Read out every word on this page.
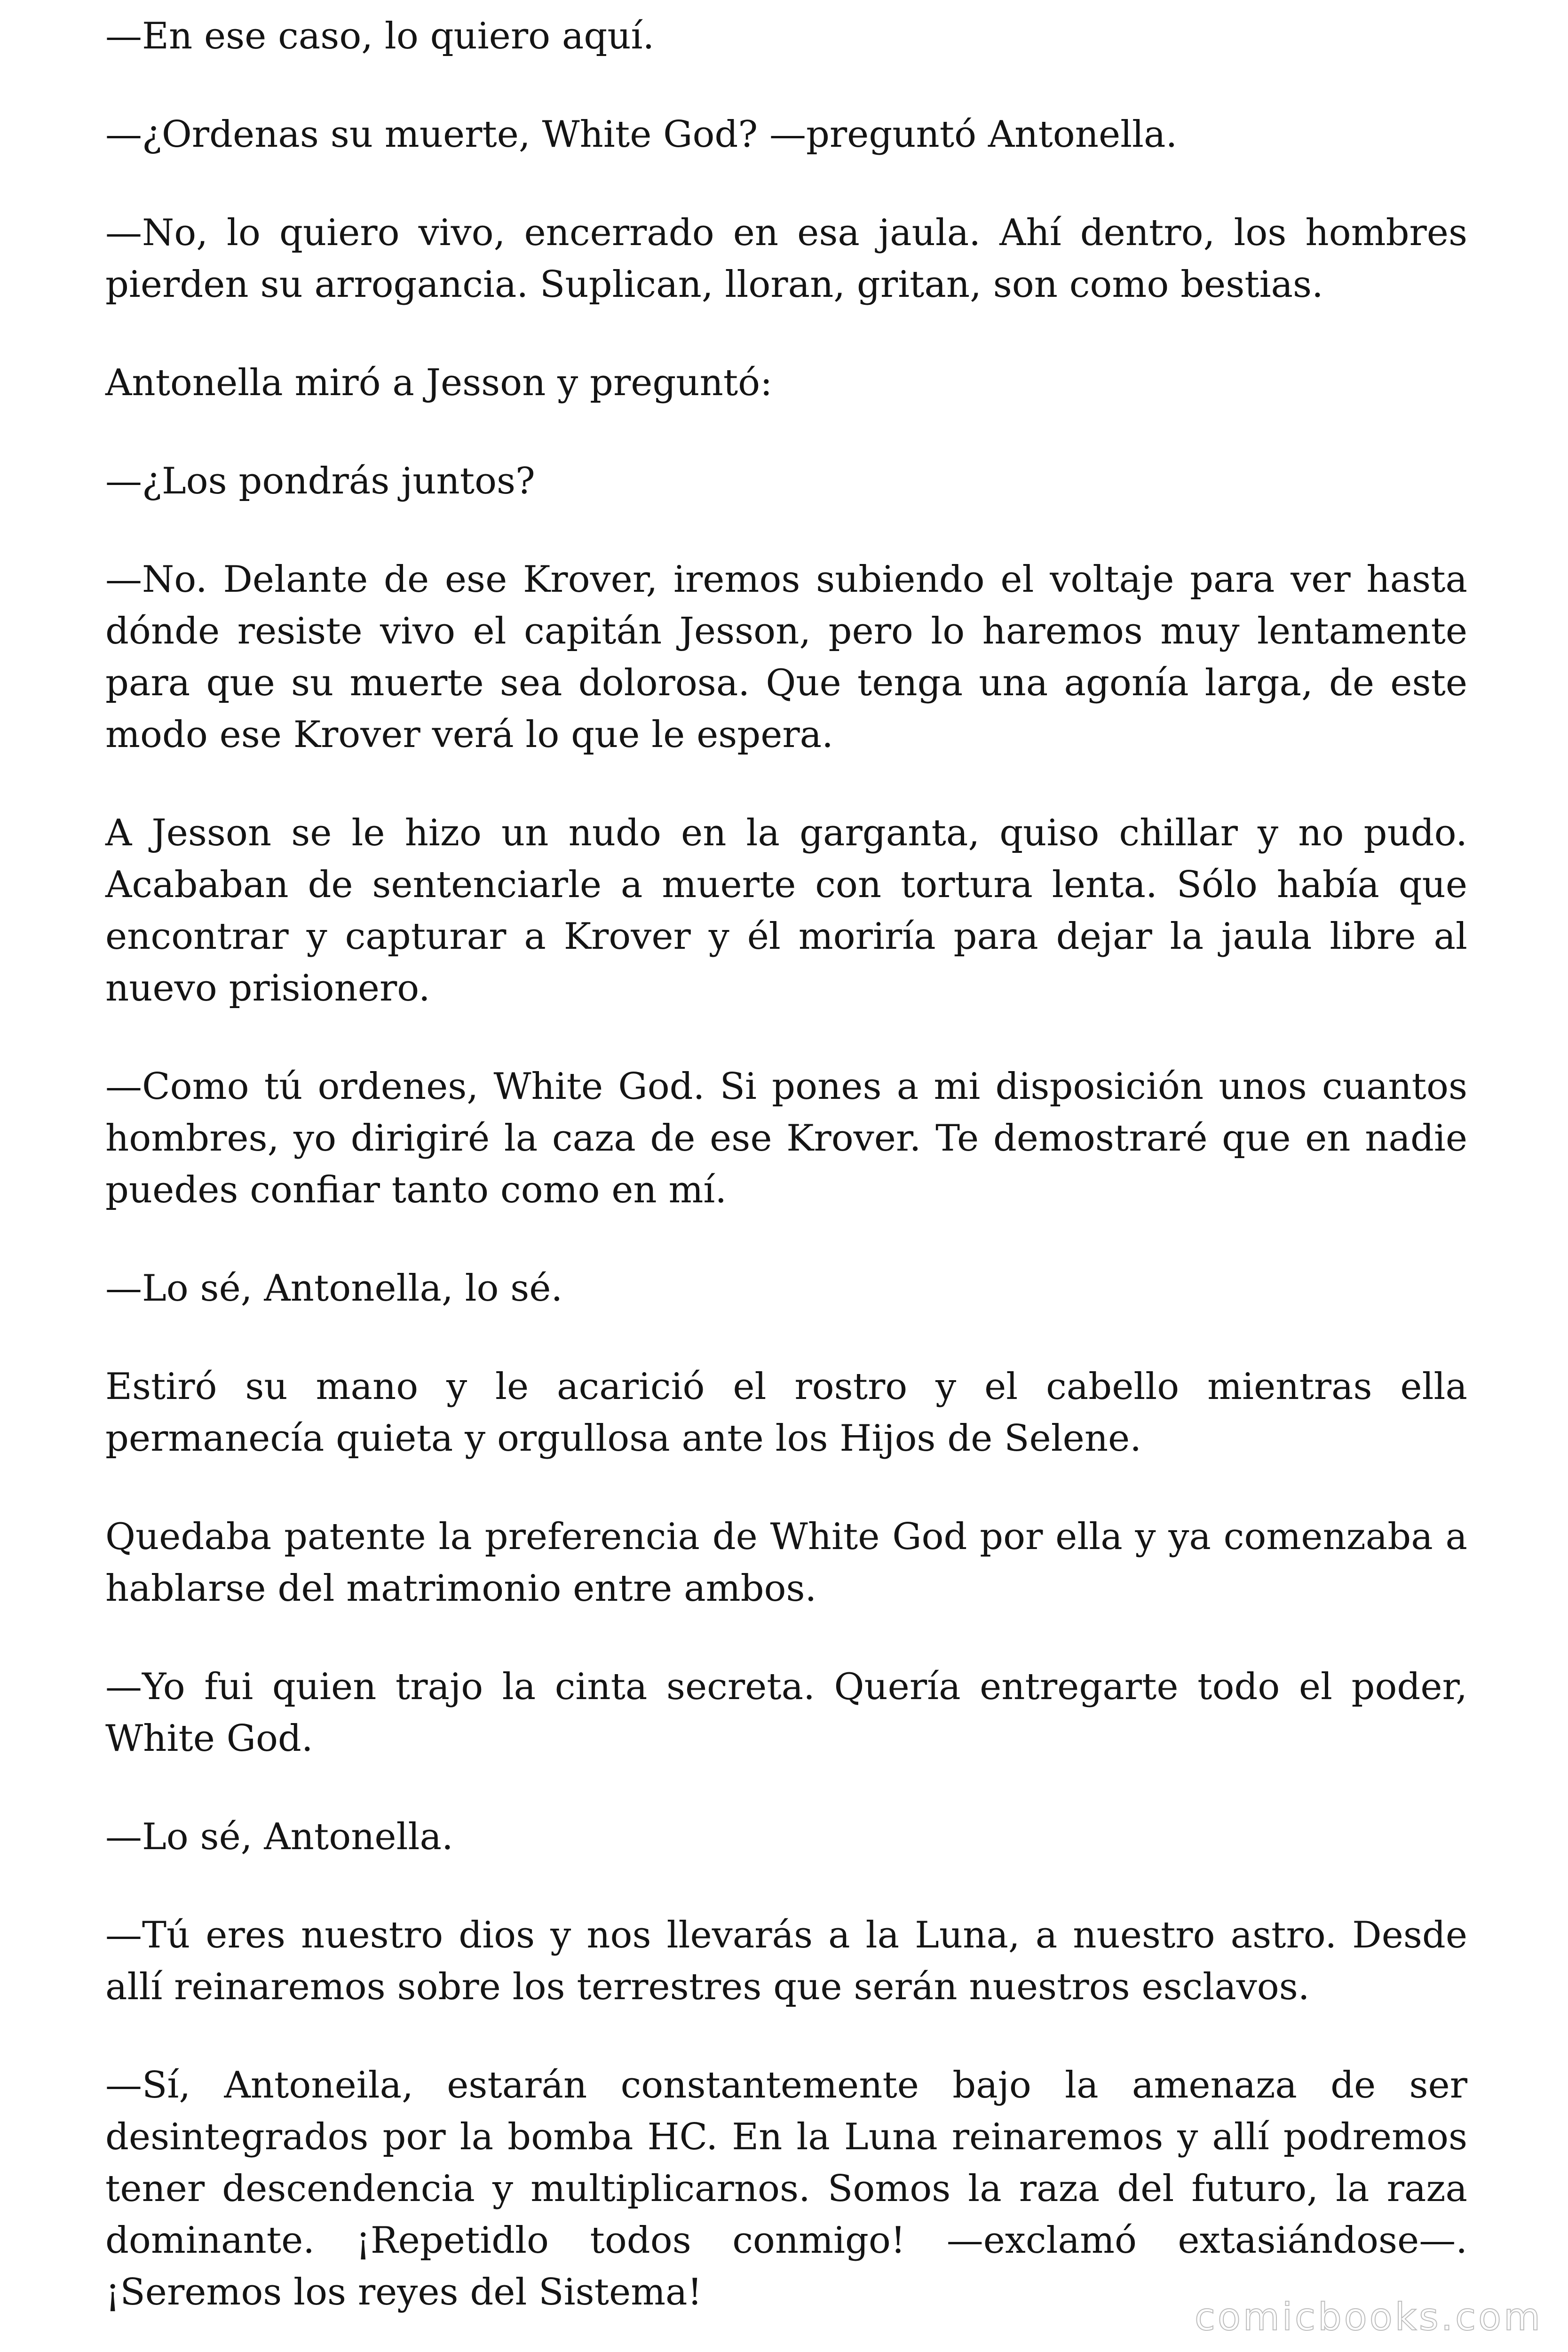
—En ese caso, lo quiero aquí.

—¿Ordenas su muerte, White God? —preguntó Antonella.

—No, lo quiero vivo, encerrado en esa jaula. Ahí dentro, los hombres pierden su arrogancia. Suplican, lloran, gritan, son como bestias.

Antonella miró a Jesson y preguntó:

—¿Los pondrás juntos?

—No. Delante de ese Krover, iremos subiendo el voltaje para ver hasta dónde resiste vivo el capitán Jesson, pero lo haremos muy lentamente para que su muerte sea dolorosa. Que tenga una agonía larga, de este modo ese Krover verá lo que le espera.

A Jesson se le hizo un nudo en la garganta, quiso chillar y no pudo. Acababan de sentenciarle a muerte con tortura lenta. Sólo había que encontrar y capturar a Krover y él moriría para dejar la jaula libre al nuevo prisionero.

—Como tú ordenes, White God. Si pones a mi disposición unos cuantos hombres, yo dirigiré la caza de ese Krover. Te demostraré que en nadie puedes confiar tanto como en mí.

—Lo sé, Antonella, lo sé.

Estiró su mano y le acarició el rostro y el cabello mientras ella permanecía quieta y orgullosa ante los Hijos de Selene.

Quedaba patente la preferencia de White God por ella y ya comenzaba a hablarse del matrimonio entre ambos.

—Yo fui quien trajo la cinta secreta. Quería entregarte todo el poder, White God.

—Lo sé, Antonella.

—Tú eres nuestro dios y nos llevarás a la Luna, a nuestro astro. Desde allí reinaremos sobre los terrestres que serán nuestros esclavos.

—Sí, Antoneila, estarán constantemente bajo la amenaza de ser desintegrados por la bomba HC. En la Luna reinaremos y allí podremos tener descendencia y multiplicarnos. Somos la raza del futuro, la raza dominante. ¡Repetidlo todos conmigo! —exclamó extasiándose—. ¡Seremos los reyes del Sistema!

comicbooks.com
